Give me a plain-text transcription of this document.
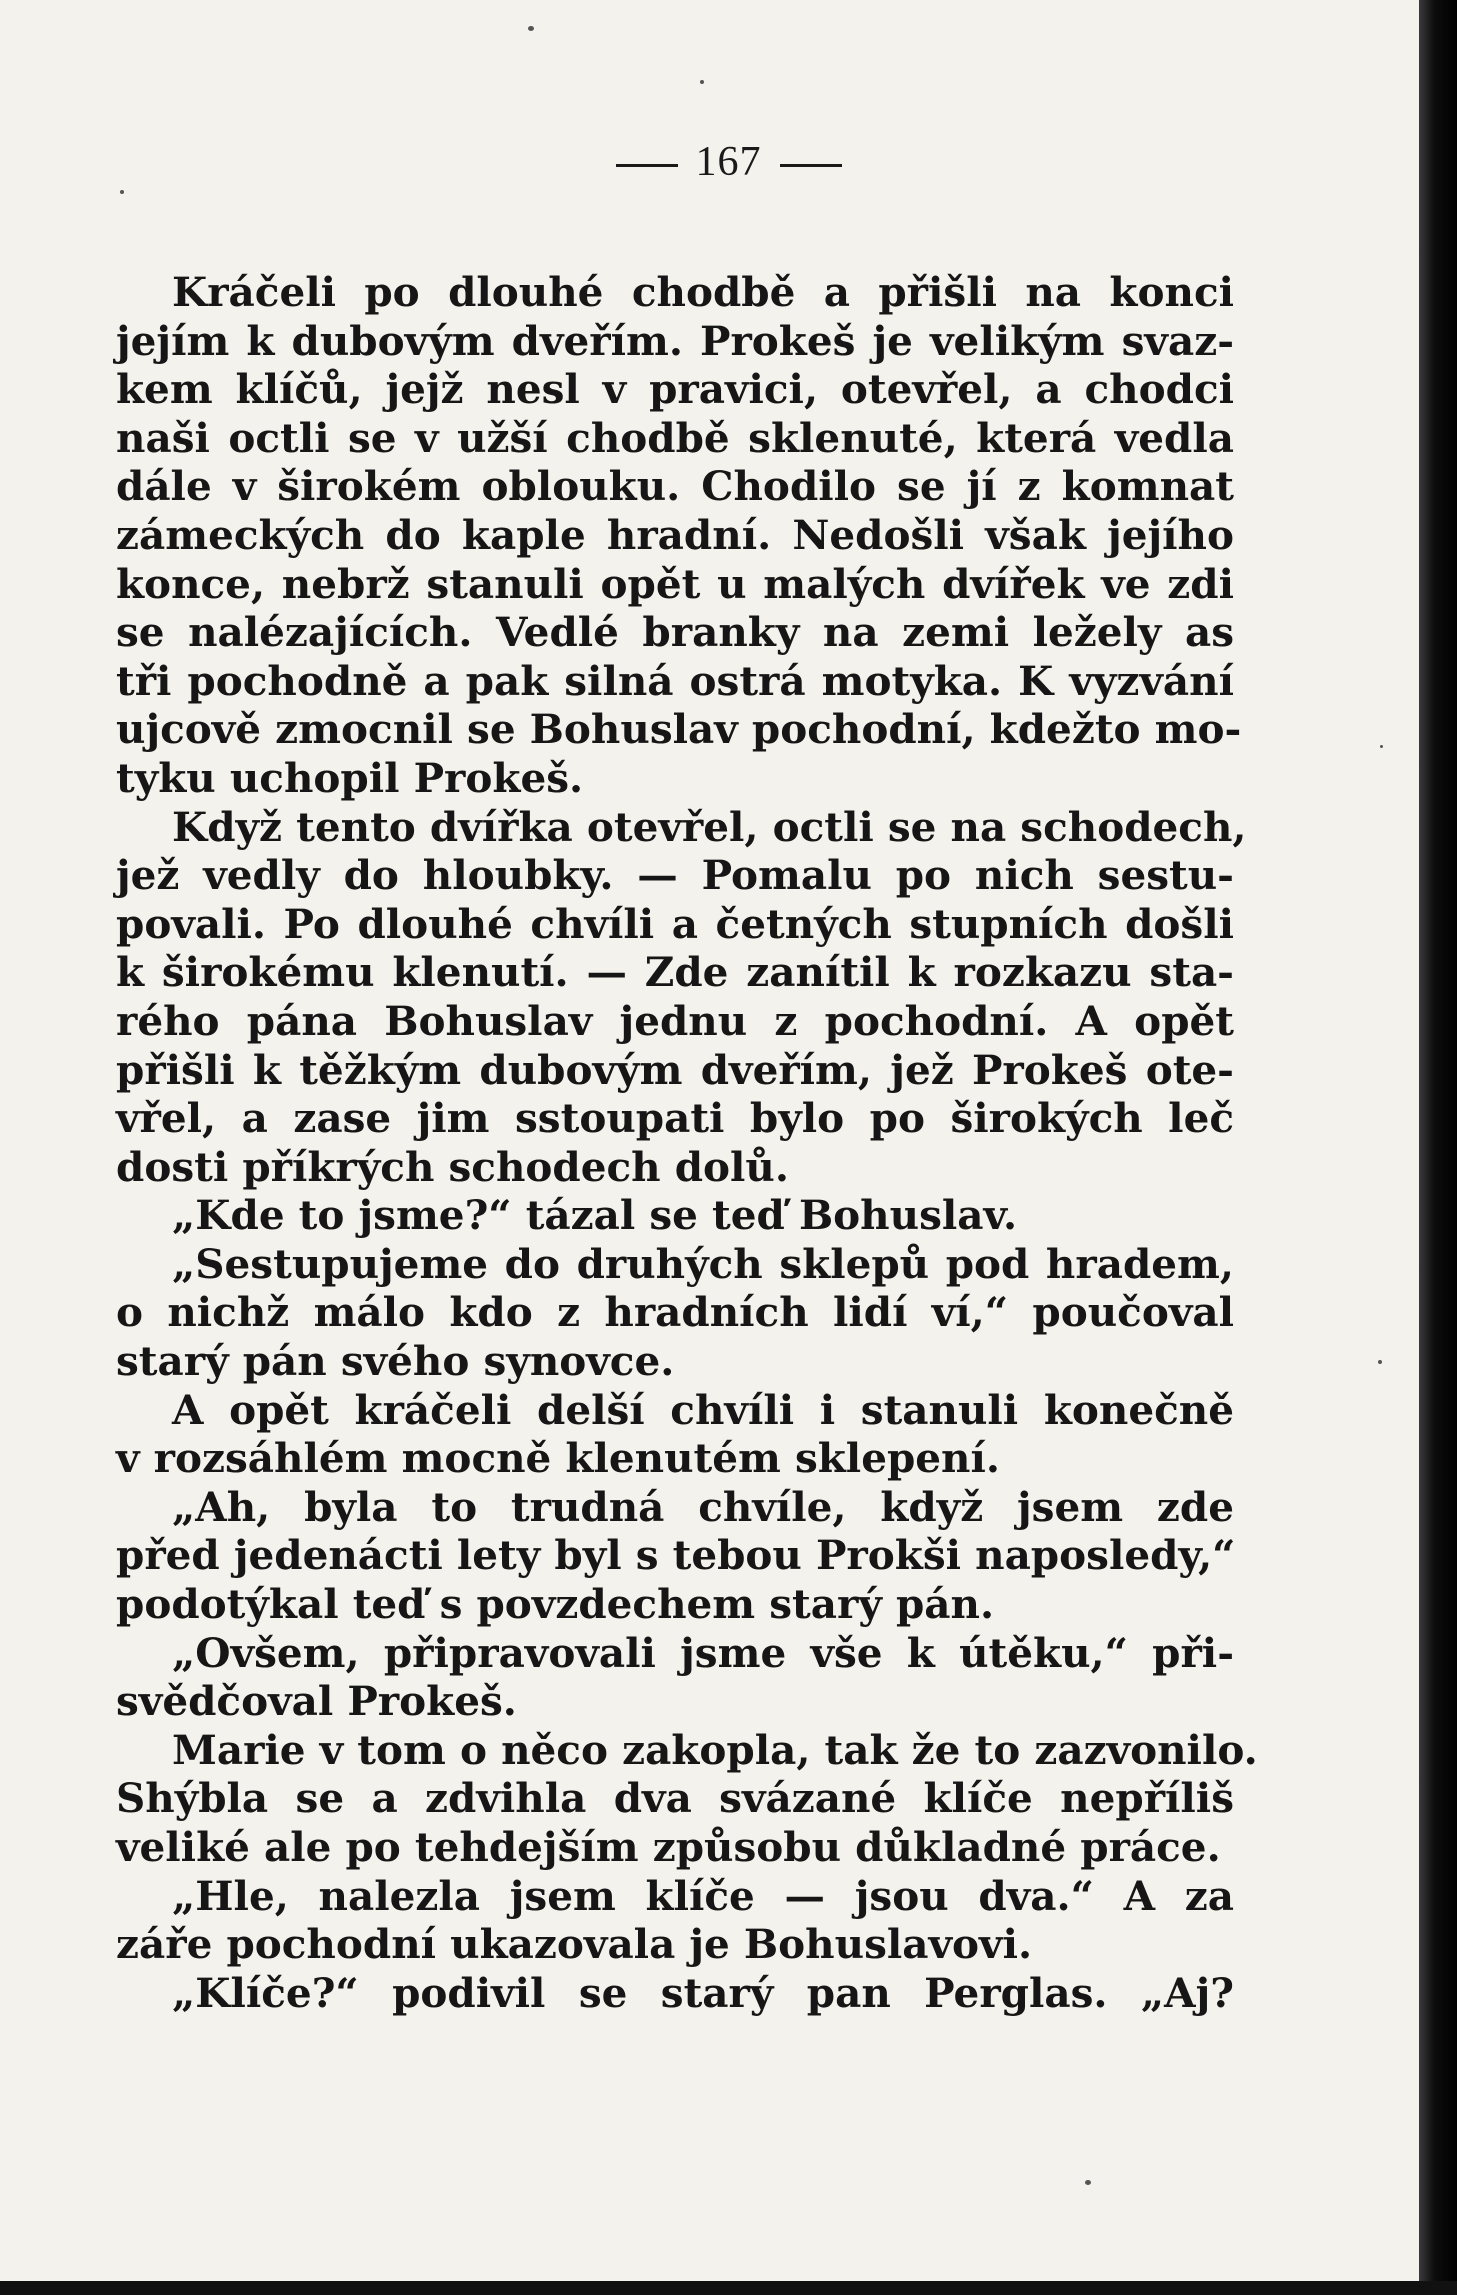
167
Kráčeli po dlouhé chodbě a přišli na konci
jejím k dubovým dveřím. Prokeš je velikým svaz-
kem klíčů, jejž nesl v pravici, otevřel, a chodci
naši octli se v užší chodbě sklenuté, která vedla
dále v širokém oblouku. Chodilo se jí z komnat
zámeckých do kaple hradní. Nedošli však jejího
konce, nebrž stanuli opět u malých dvířek ve zdi
se nalézajících. Vedlé branky na zemi ležely as
tři pochodně a pak silná ostrá motyka. K vyzvání
ujcově zmocnil se Bohuslav pochodní, kdežto mo-
tyku uchopil Prokeš.
Když tento dvířka otevřel, octli se na schodech,
jež vedly do hloubky. — Pomalu po nich sestu-
povali. Po dlouhé chvíli a četných stupních došli
k širokému klenutí. — Zde zanítil k rozkazu sta-
rého pána Bohuslav jednu z pochodní. A opět
přišli k těžkým dubovým dveřím, jež Prokeš ote-
vřel, a zase jim sstoupati bylo po širokých leč
dosti příkrých schodech dolů.
„Kde to jsme?“ tázal se teď Bohuslav.
„Sestupujeme do druhých sklepů pod hradem,
o nichž málo kdo z hradních lidí ví,“ poučoval
starý pán svého synovce.
A opět kráčeli delší chvíli i stanuli konečně
v rozsáhlém mocně klenutém sklepení.
„Ah, byla to trudná chvíle, když jsem zde
před jedenácti lety byl s tebou Prokši naposledy,“
podotýkal teď s povzdechem starý pán.
„Ovšem, připravovali jsme vše k útěku,“ při-
svědčoval Prokeš.
Marie v tom o něco zakopla, tak že to zazvonilo.
Shýbla se a zdvihla dva svázané klíče nepříliš
veliké ale po tehdejším způsobu důkladné práce.
„Hle, nalezla jsem klíče — jsou dva.“ A za
záře pochodní ukazovala je Bohuslavovi.
„Klíče?“ podivil se starý pan Perglas. „Aj?
